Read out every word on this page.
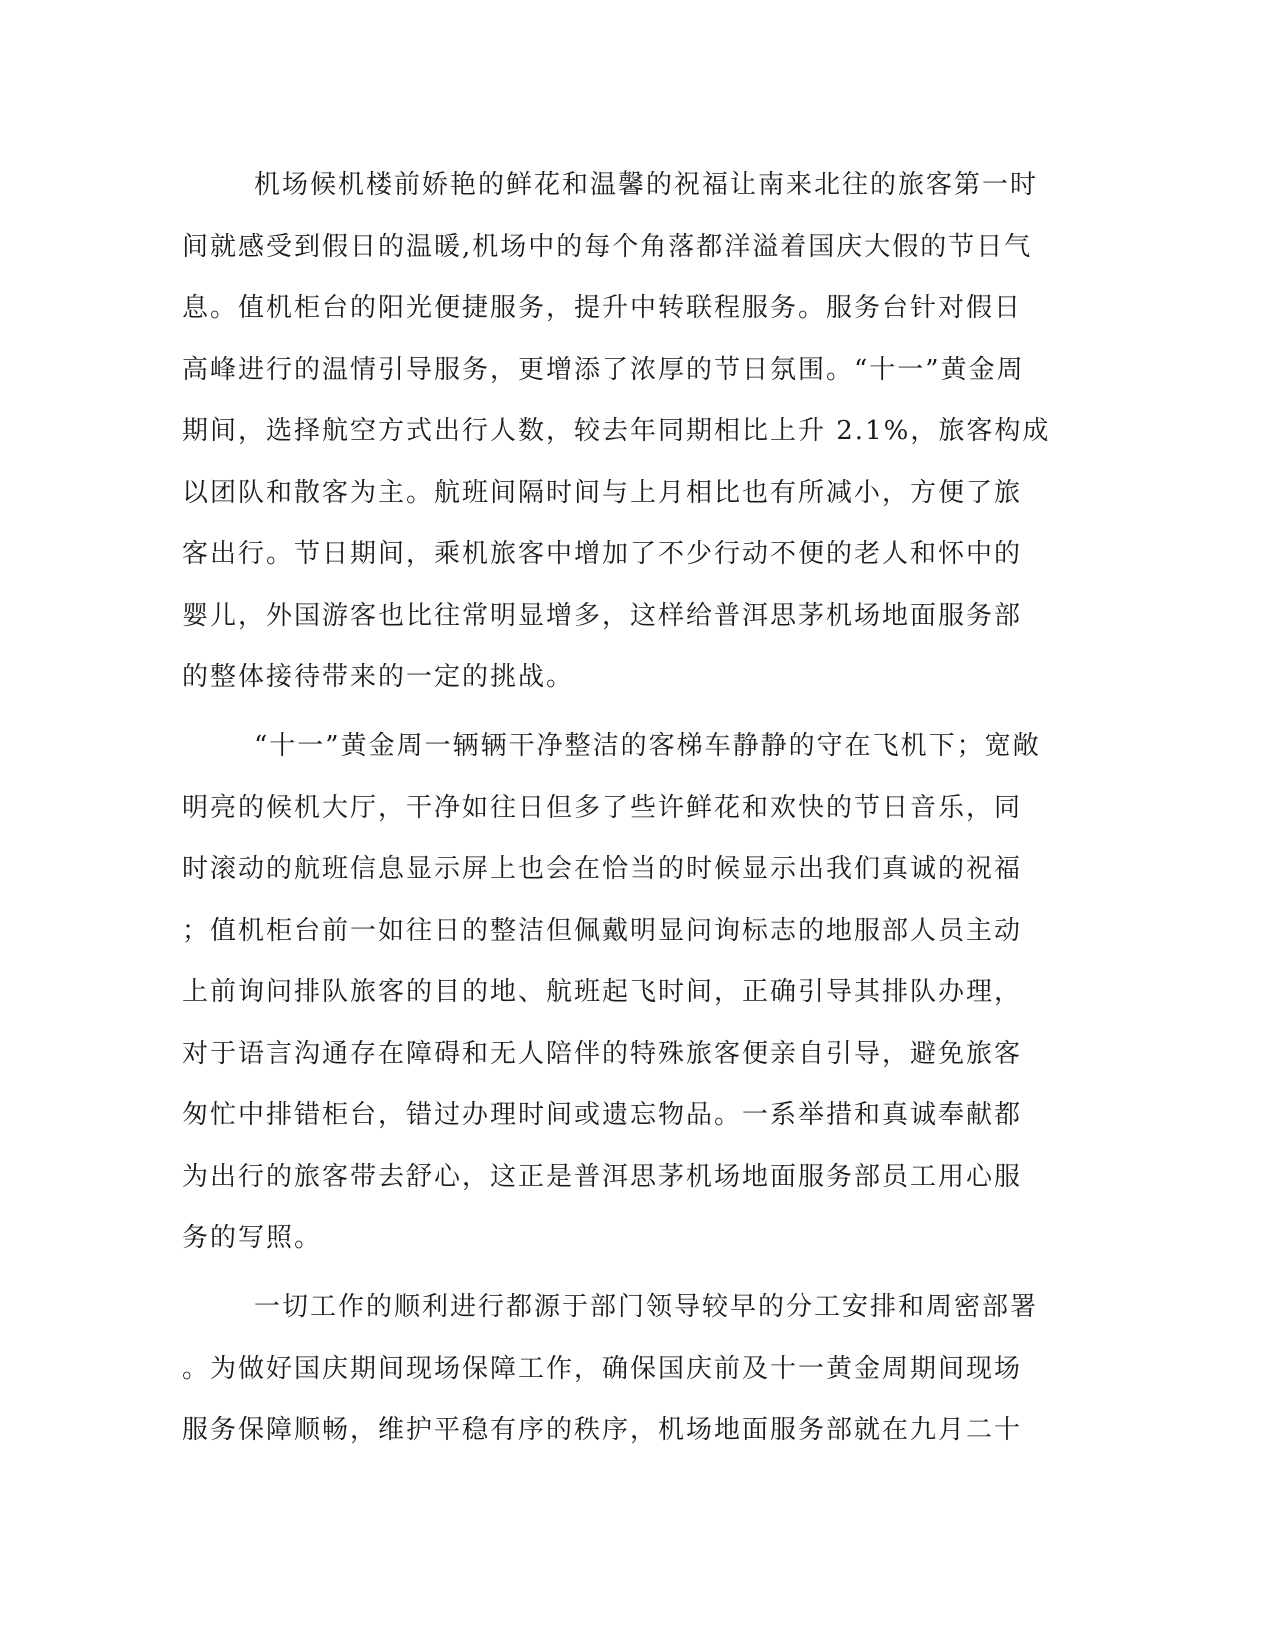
机场候机楼前娇艳的鲜花和温馨的祝福让南来北往的旅客第一时
间就感受到假日的温暖,机场中的每个角落都洋溢着国庆大假的节日气
息。值机柜台的阳光便捷服务，提升中转联程服务。服务台针对假日
高峰进行的温情引导服务，更增添了浓厚的节日氛围。“十一”黄金周
期间，选择航空方式出行人数，较去年同期相比上升 2.1%，旅客构成
以团队和散客为主。航班间隔时间与上月相比也有所减小，方便了旅
客出行。节日期间，乘机旅客中增加了不少行动不便的老人和怀中的
婴儿，外国游客也比往常明显增多，这样给普洱思茅机场地面服务部
的整体接待带来的一定的挑战。
“十一”黄金周一辆辆干净整洁的客梯车静静的守在飞机下；宽敞
明亮的候机大厅，干净如往日但多了些许鲜花和欢快的节日音乐，同
时滚动的航班信息显示屏上也会在恰当的时候显示出我们真诚的祝福
；值机柜台前一如往日的整洁但佩戴明显问询标志的地服部人员主动
上前询问排队旅客的目的地、航班起飞时间，正确引导其排队办理，
对于语言沟通存在障碍和无人陪伴的特殊旅客便亲自引导，避免旅客
匆忙中排错柜台，错过办理时间或遗忘物品。一系举措和真诚奉献都
为出行的旅客带去舒心，这正是普洱思茅机场地面服务部员工用心服
务的写照。
一切工作的顺利进行都源于部门领导较早的分工安排和周密部署
。为做好国庆期间现场保障工作，确保国庆前及十一黄金周期间现场
服务保障顺畅，维护平稳有序的秩序，机场地面服务部就在九月二十
